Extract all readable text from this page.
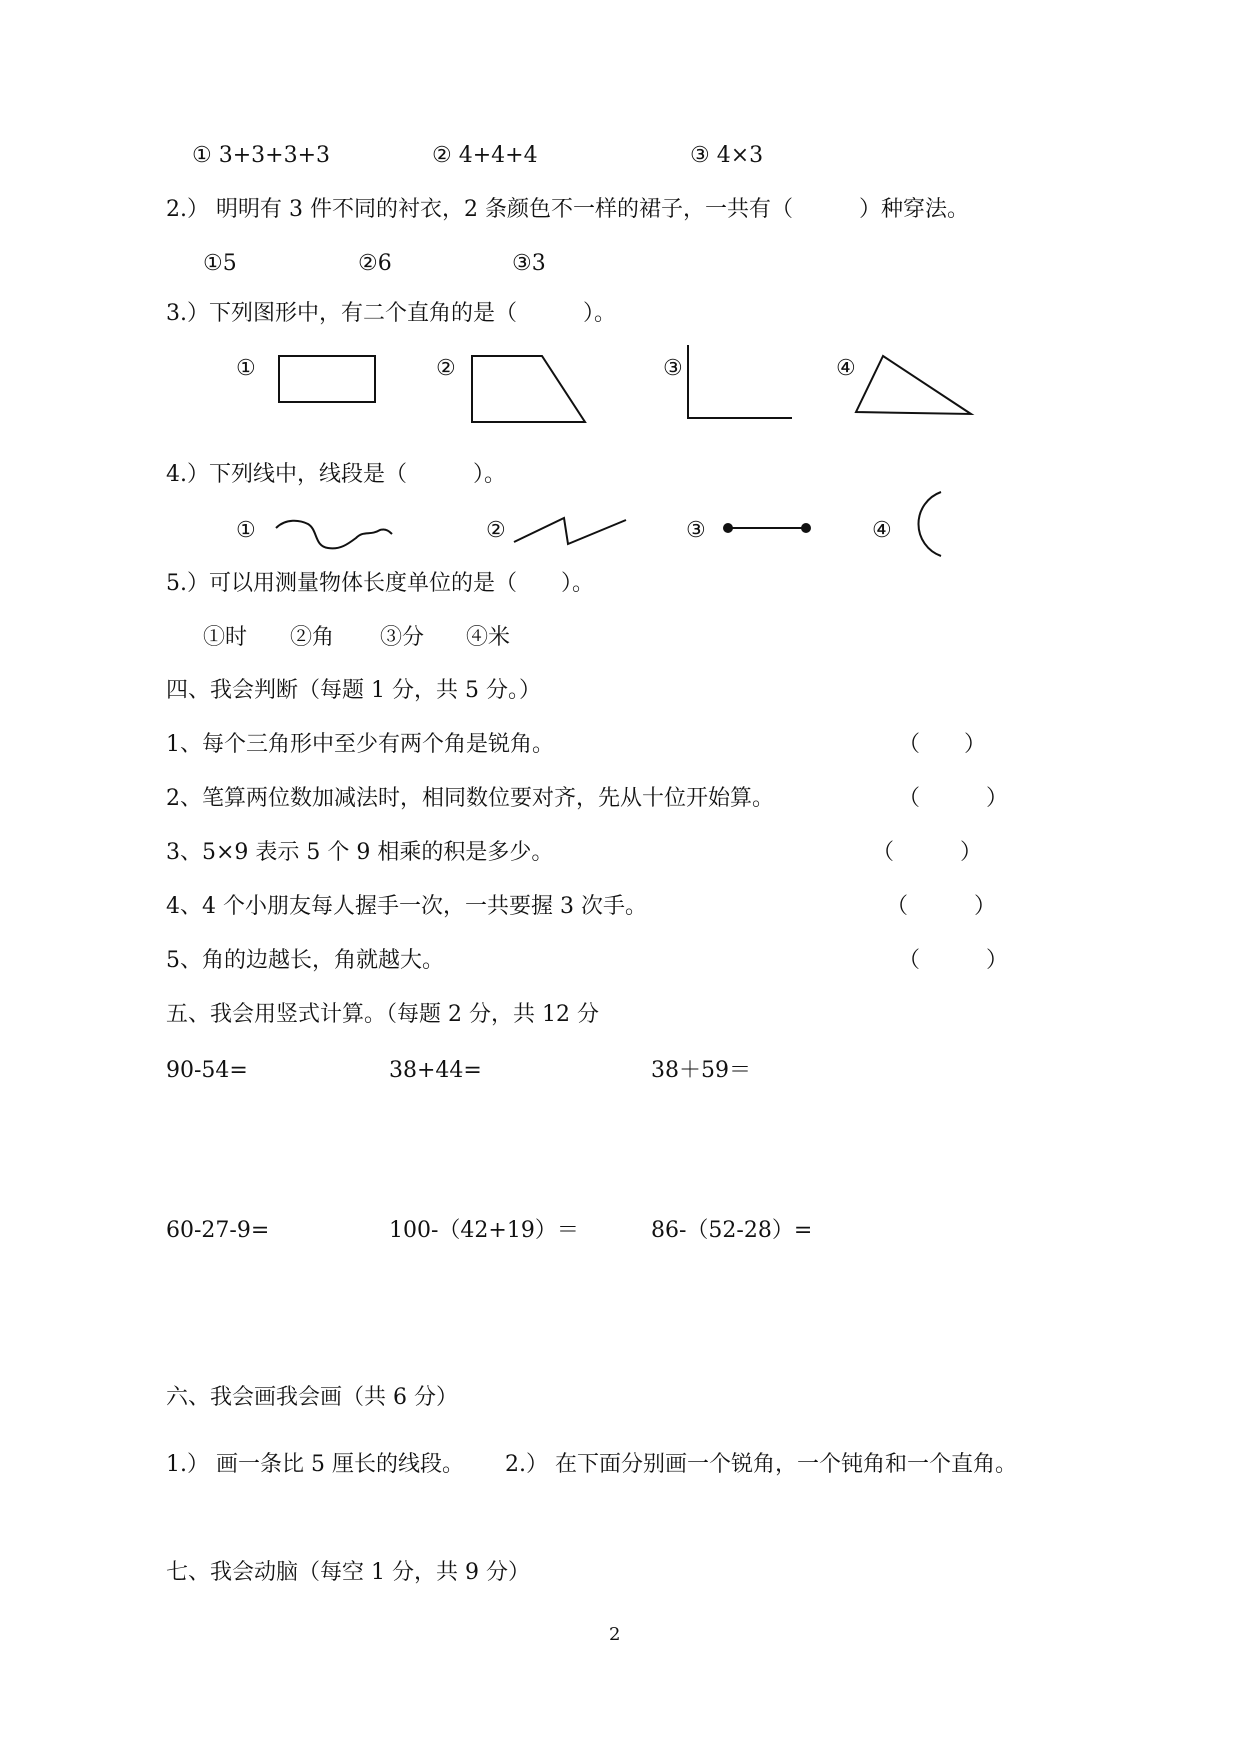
① 3+3+3+3	② 4+4+4	③ 4×3
2.） 明明有 3 件不同的衬衣，2 条颜色不一样的裙子，一共有（　　　）种穿法。
①5	②6	③3
3.）下列图形中，有二个直角的是（　　　）。
①	②	③	④
4.）下列线中，线段是（　　　）。
①	②	③	④
5.）可以用测量物体长度单位的是（　　）。
①时 ②角 ③分 ④米
四、我会判断（每题 1 分，共 5 分。）
1、每个三角形中至少有两个角是锐角。	（　　）
2、笔算两位数加减法时，相同数位要对齐，先从十位开始算。	（　　　）
3、5×9 表示 5 个 9 相乘的积是多少。	（　　　）
4、4 个小朋友每人握手一次，一共要握 3 次手。	（　　　）
5、角的边越长，角就越大。	（　　　）
五、我会用竖式计算。（每题 2 分，共 12 分
90-54=	38+44=	38＋59＝
60-27-9=	100-（42+19）＝	86-（52-28）=
六、我会画我会画（共 6 分）
1.） 画一条比 5 厘长的线段。 2.） 在下面分别画一个锐角，一个钝角和一个直角。
七、我会动脑（每空 1 分，共 9 分）
2
